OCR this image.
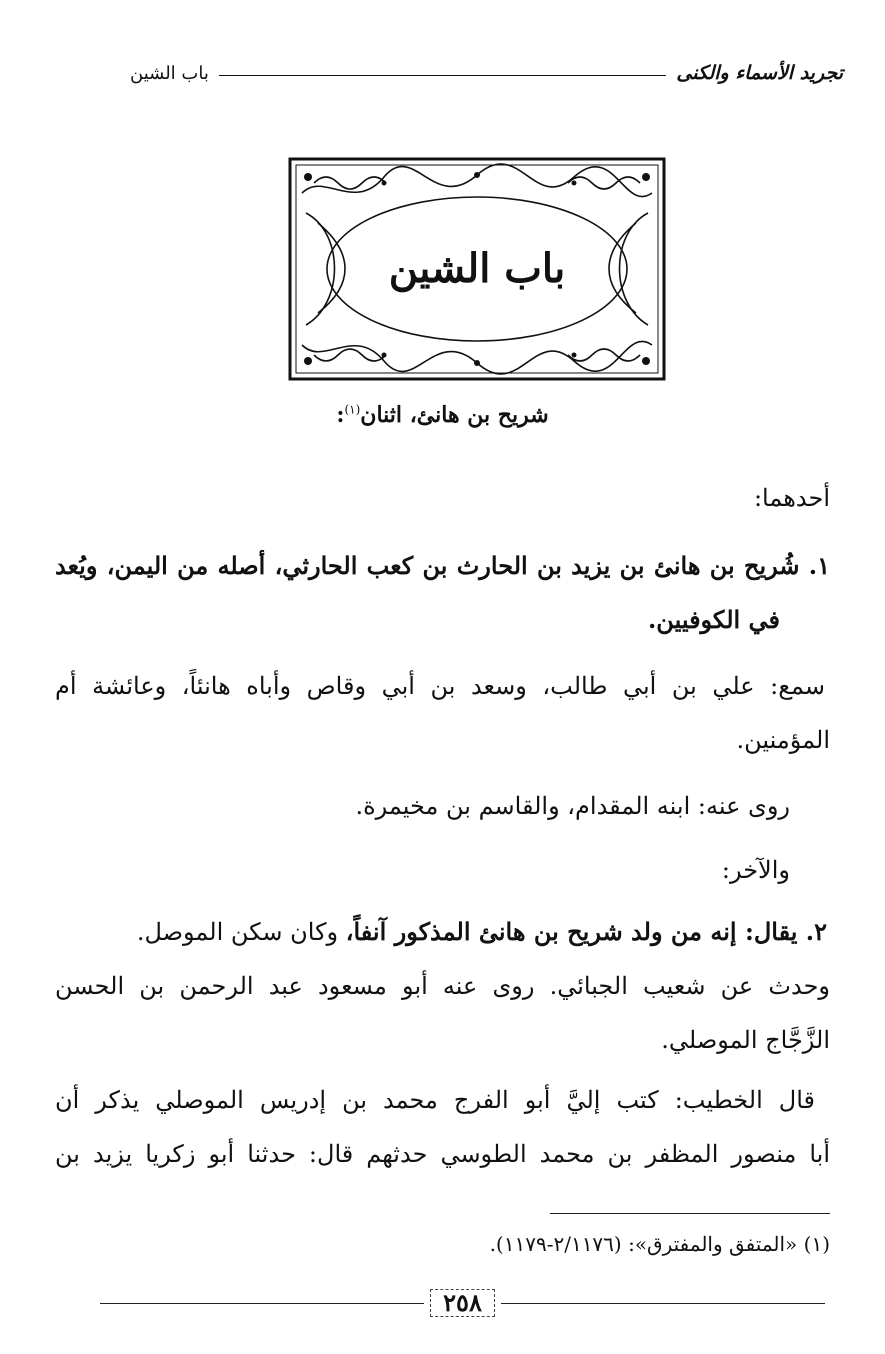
تجريد الأسماء والكنى
باب الشين
باب الشين
شريح بن هانئ، اثنان$^{(١)}$:
أحدهما:
١. شُريح بن هانئ بن يزيد بن الحارث بن كعب الحارثي، أصله من اليمن، ويُعد
في الكوفيين.
سمع: علي بن أبي طالب، وسعد بن أبي وقاص وأباه هانئاً، وعائشة أم
المؤمنين.
روى عنه: ابنه المقدام، والقاسم بن مخيمرة.
والآخر:
٢. يقال: إنه من ولد شريح بن هانئ المذكور آنفاً، وكان سكن الموصل.
وحدث عن شعيب الجبائي. روى عنه أبو مسعود عبد الرحمن بن الحسن
الزَّجَّاج الموصلي.
قال الخطيب: كتب إليَّ أبو الفرج محمد بن إدريس الموصلي يذكر أن
أبا منصور المظفر بن محمد الطوسي حدثهم قال: حدثنا أبو زكريا يزيد بن
(١) «المتفق والمفترق»: (٢/١١٧٦-١١٧٩).
٢٥٨
